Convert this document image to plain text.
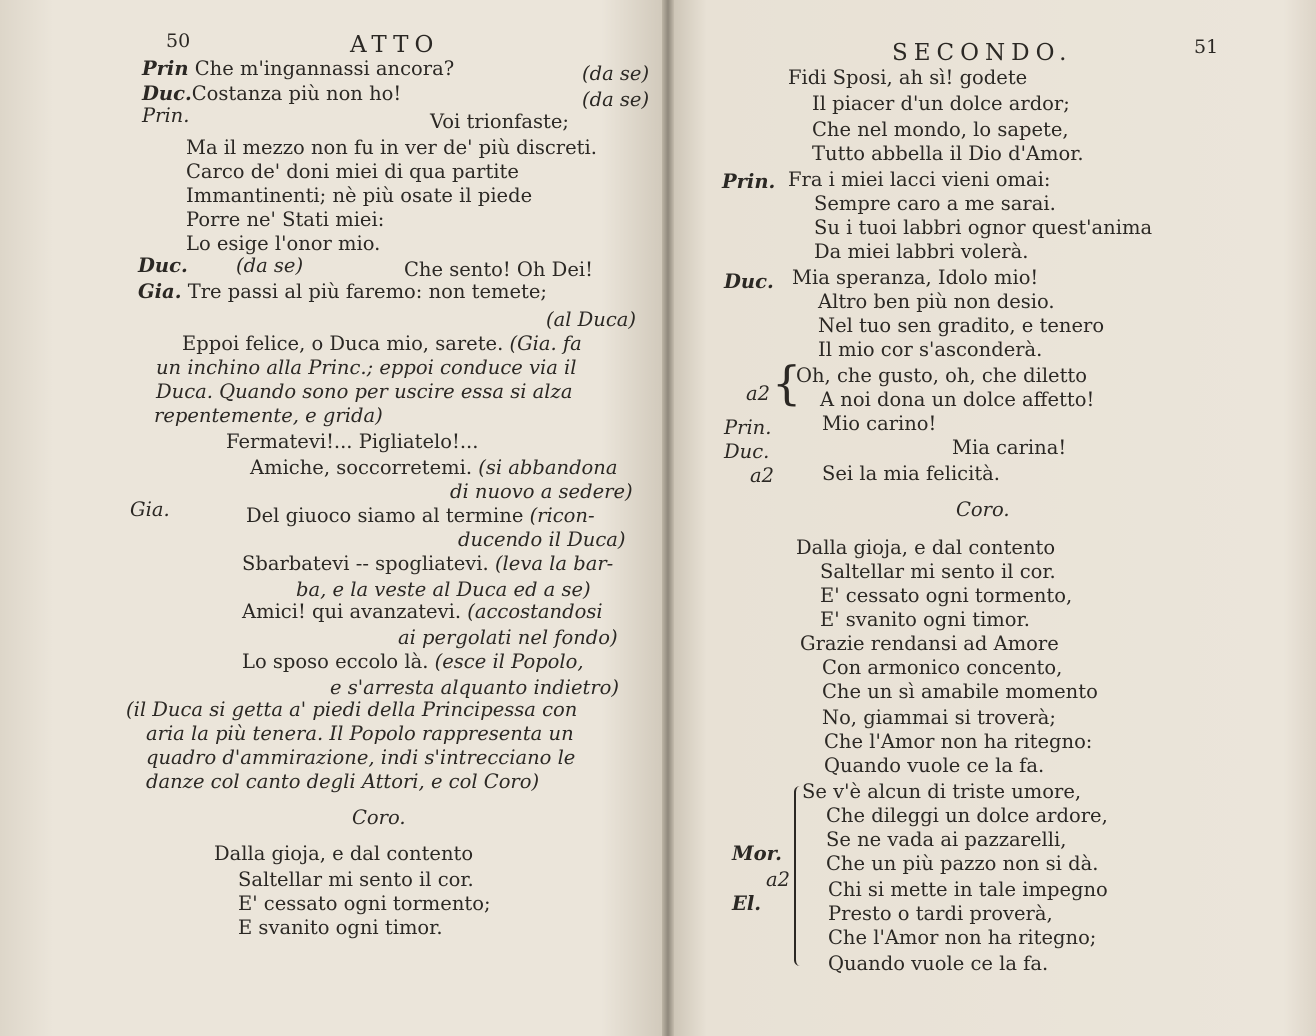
50	ATTO
Prin Che m'ingannassi ancora?	(da se)
Duc.Costanza più non ho!	(da se)
Prin.	Voi trionfaste;
Ma il mezzo non fu in ver de' più discreti.
Carco de' doni miei di qua partite
Immantinenti; nè più osate il piede
Porre ne' Stati miei:
Lo esige l'onor mio.
Duc. (da se)	Che sento! Oh Dei!
Gia. Tre passi al più faremo: non temete;
(al Duca)
Eppoi felice, o Duca mio, sarete. (Gia. fa
un inchino alla Princ.; eppoi conduce via il
Duca. Quando sono per uscire essa si alza
repentemente, e grida)
Fermatevi!... Pigliatelo!...
Amiche, soccorretemi. (si abbandona
di nuovo a sedere)
Gia.	Del giuoco siamo al termine (ricon-
ducendo il Duca)
Sbarbatevi -- spogliatevi. (leva la bar-
ba, e la veste al Duca ed a se)
Amici! qui avanzatevi. (accostandosi
ai pergolati nel fondo)
Lo sposo eccolo là. (esce il Popolo,
e s'arresta alquanto indietro)
(il Duca si getta a' piedi della Principessa con
aria la più tenera. Il Popolo rappresenta un
quadro d'ammirazione, indi s'intrecciano le
danze col canto degli Attori, e col Coro)
Coro.
Dalla gioja, e dal contento
Saltellar mi sento il cor.
E' cessato ogni tormento;
E svanito ogni timor.
SECONDO.	51
Fidi Sposi, ah sì! godete
Il piacer d'un dolce ardor;
Che nel mondo, lo sapete,
Tutto abbella il Dio d'Amor.
Prin. Fra i miei lacci vieni omai:
Sempre caro a me sarai.
Su i tuoi labbri ognor quest'anima
Da miei labbri volerà.
Duc. Mia speranza, Idolo mio!
Altro ben più non desio.
Nel tuo sen gradito, e tenero
Il mio cor s'asconderà.
a2 {
Oh, che gusto, oh, che diletto
A noi dona un dolce affetto!
Prin.	Mio carino!
Duc.	Mia carina!
a2 Sei la mia felicità.
Coro.
Dalla gioja, e dal contento
Saltellar mi sento il cor.
E' cessato ogni tormento,
E' svanito ogni timor.
Grazie rendansi ad Amore
Con armonico concento,
Che un sì amabile momento
No, giammai si troverà;
Che l'Amor non ha ritegno:
Quando vuole ce la fa.
Mor.
a2
El.
Se v'è alcun di triste umore,
Che dileggi un dolce ardore,
Se ne vada ai pazzarelli,
Che un più pazzo non si dà.
Chi si mette in tale impegno
Presto o tardi proverà,
Che l'Amor non ha ritegno;
Quando vuole ce la fa.
